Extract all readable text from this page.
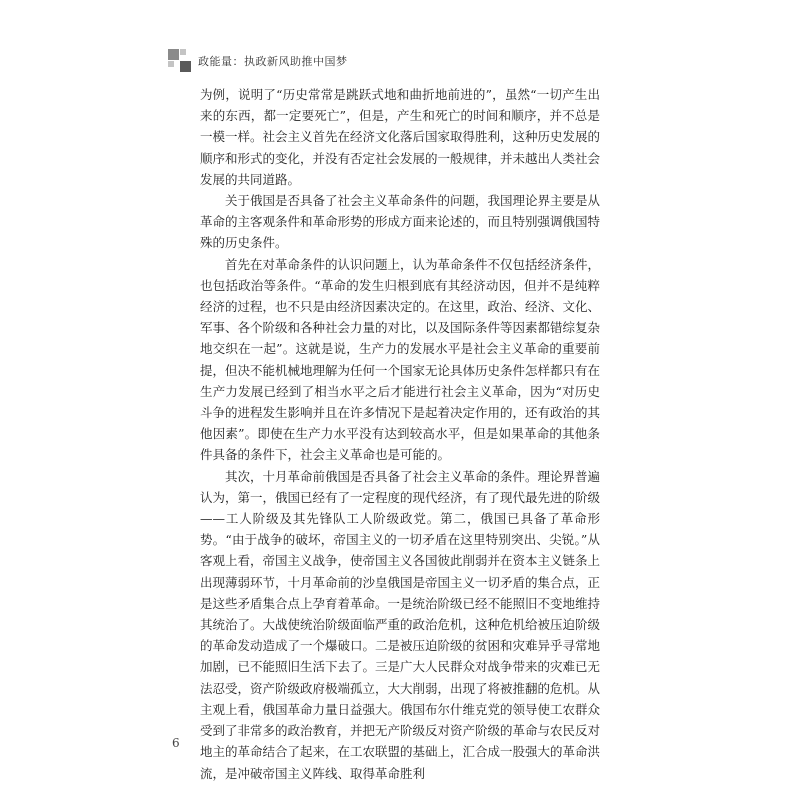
政能量：执政新风助推中国梦

为例，说明了“历史常常是跳跃式地和曲折地前进的”，虽然“一切产生出来的东西，都一定要死亡”，但是，产生和死亡的时间和顺序，并不总是一模一样。社会主义首先在经济文化落后国家取得胜利，这种历史发展的顺序和形式的变化，并没有否定社会发展的一般规律，并未越出人类社会发展的共同道路。

关于俄国是否具备了社会主义革命条件的问题，我国理论界主要是从革命的主客观条件和革命形势的形成方面来论述的，而且特别强调俄国特殊的历史条件。

首先在对革命条件的认识问题上，认为革命条件不仅包括经济条件，也包括政治等条件。“革命的发生归根到底有其经济动因，但并不是纯粹经济的过程，也不只是由经济因素决定的。在这里，政治、经济、文化、军事、各个阶级和各种社会力量的对比，以及国际条件等因素都错综复杂地交织在一起”。这就是说，生产力的发展水平是社会主义革命的重要前提，但决不能机械地理解为任何一个国家无论具体历史条件怎样都只有在生产力发展已经到了相当水平之后才能进行社会主义革命，因为“对历史斗争的进程发生影响并且在许多情况下是起着决定作用的，还有政治的其他因素”。即使在生产力水平没有达到较高水平，但是如果革命的其他条件具备的条件下，社会主义革命也是可能的。

其次，十月革命前俄国是否具备了社会主义革命的条件。理论界普遍认为，第一，俄国已经有了一定程度的现代经济，有了现代最先进的阶级——工人阶级及其先锋队工人阶级政党。第二，俄国已具备了革命形势。“由于战争的破坏，帝国主义的一切矛盾在这里特别突出、尖锐。”从客观上看，帝国主义战争，使帝国主义各国彼此削弱并在资本主义链条上出现薄弱环节，十月革命前的沙皇俄国是帝国主义一切矛盾的集合点，正是这些矛盾集合点上孕育着革命。一是统治阶级已经不能照旧不变地维持其统治了。大战使统治阶级面临严重的政治危机，这种危机给被压迫阶级的革命发动造成了一个爆破口。二是被压迫阶级的贫困和灾难异乎寻常地加剧，已不能照旧生活下去了。三是广大人民群众对战争带来的灾难已无法忍受，资产阶级政府极端孤立，大大削弱，出现了将被推翻的危机。从主观上看，俄国革命力量日益强大。俄国布尔什维克党的领导使工农群众受到了非常多的政治教育，并把无产阶级反对资产阶级的革命与农民反对地主的革命结合了起来，在工农联盟的基础上，汇合成一股强大的革命洪流，是冲破帝国主义阵线、取得革命胜利

6
